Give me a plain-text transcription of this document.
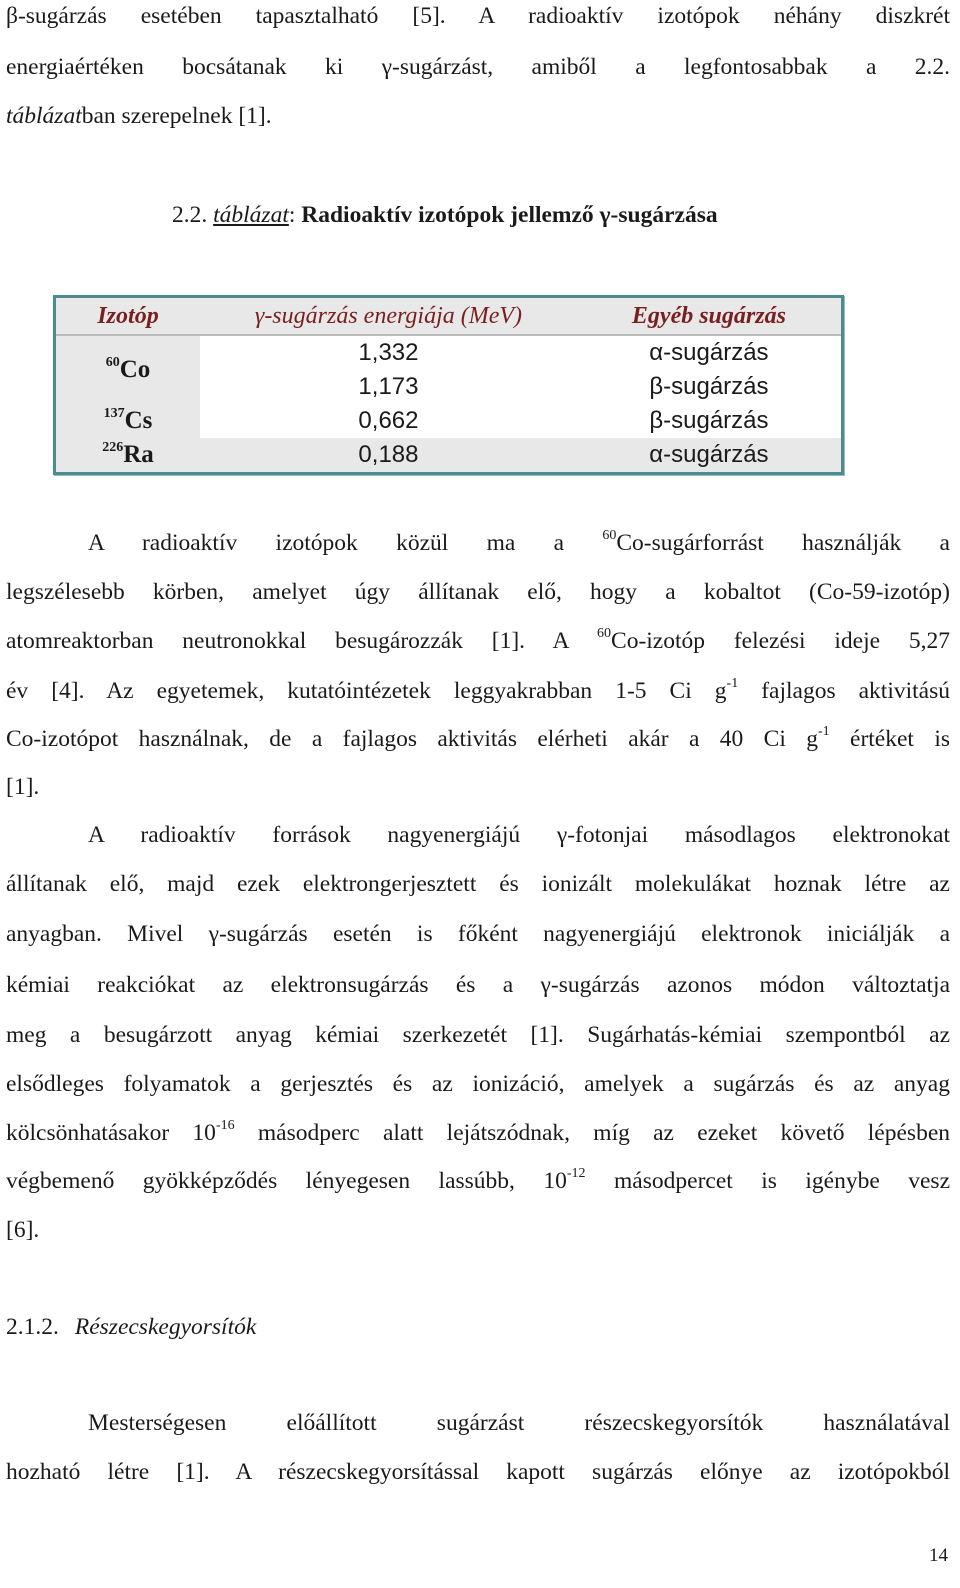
β-sugárzás esetében tapasztalható [5]. A radioaktív izotópok néhány diszkrét
energiaértéken bocsátanak ki γ-sugárzást, amiből a legfontosabbak a 2.2.
táblázatban szerepelnek [1].
2.2. táblázat: Radioaktív izotópok jellemző γ-sugárzása
Izotóp	γ-sugárzás energiája (MeV)	Egyéb sugárzás
$^{60}$Co	1,332	α-sugárzás
	1,173	β-sugárzás
$^{137}$Cs	0,662	β-sugárzás
$^{226}$Ra	0,188	α-sugárzás
A radioaktív izotópok közül ma a $^{60}$Co-sugárforrást használják a
legszélesebb körben, amelyet úgy állítanak elő, hogy a kobaltot (Co-59-izotóp)
atomreaktorban neutronokkal besugározzák [1]. A $^{60}$Co-izotóp felezési ideje 5,27
év [4]. Az egyetemek, kutatóintézetek leggyakrabban 1-5 Ci $g^{-1}$ fajlagos aktivitású
Co-izotópot használnak, de a fajlagos aktivitás elérheti akár a 40 Ci $g^{-1}$ értéket is
[1].
A radioaktív források nagyenergiájú γ-fotonjai másodlagos elektronokat
állítanak elő, majd ezek elektrongerjesztett és ionizált molekulákat hoznak létre az
anyagban. Mivel γ-sugárzás esetén is főként nagyenergiájú elektronok iniciálják a
kémiai reakciókat az elektronsugárzás és a γ-sugárzás azonos módon változtatja
meg a besugárzott anyag kémiai szerkezetét [1]. Sugárhatás-kémiai szempontból az
elsődleges folyamatok a gerjesztés és az ionizáció, amelyek a sugárzás és az anyag
kölcsönhatásakor $10^{-16}$ másodperc alatt lejátszódnak, míg az ezeket követő lépésben
végbemenő gyökképződés lényegesen lassúbb, $10^{-12}$ másodpercet is igénybe vesz
[6].
2.1.2. Részecskegyorsítók
Mesterségesen előállított sugárzást részecskegyorsítók használatával
hozható létre [1]. A részecskegyorsítással kapott sugárzás előnye az izotópokból
14
